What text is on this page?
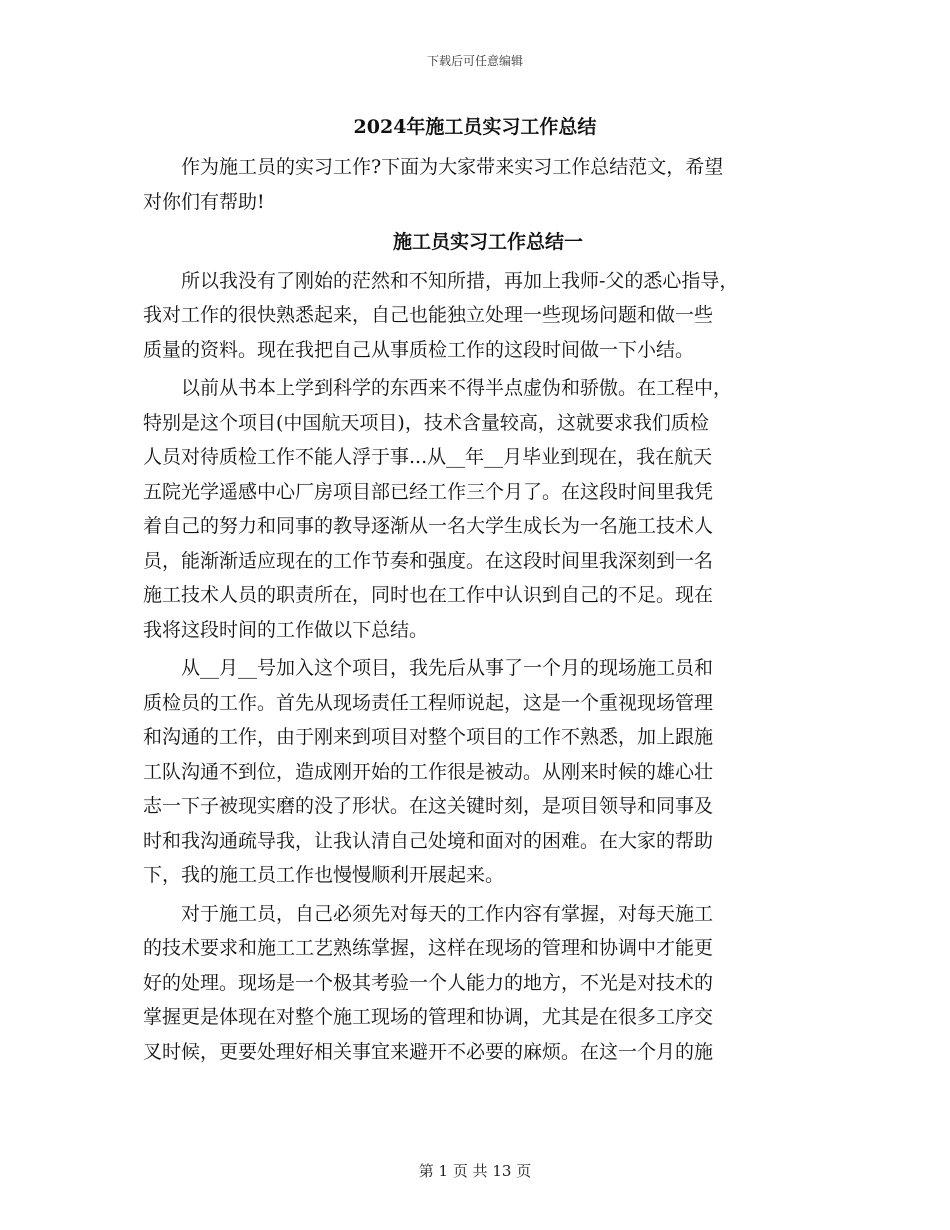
下载后可任意编辑
2024年施工员实习工作总结
作为施工员的实习工作?下面为大家带来实习工作总结范文，希望
对你们有帮助!
施工员实习工作总结一
所以我没有了刚始的茫然和不知所措，再加上我师-父的悉心指导，
我对工作的很快熟悉起来，自己也能独立处理一些现场问题和做一些
质量的资料。现在我把自己从事质检工作的这段时间做一下小结。
以前从书本上学到科学的东西来不得半点虚伪和骄傲。在工程中，
特别是这个项目(中国航天项目)，技术含量较高，这就要求我们质检
人员对待质检工作不能人浮于事...从__年__月毕业到现在，我在航天
五院光学遥感中心厂房项目部已经工作三个月了。在这段时间里我凭
着自己的努力和同事的教导逐渐从一名大学生成长为一名施工技术人
员，能渐渐适应现在的工作节奏和强度。在这段时间里我深刻到一名
施工技术人员的职责所在，同时也在工作中认识到自己的不足。现在
我将这段时间的工作做以下总结。
从__月__号加入这个项目，我先后从事了一个月的现场施工员和
质检员的工作。首先从现场责任工程师说起，这是一个重视现场管理
和沟通的工作，由于刚来到项目对整个项目的工作不熟悉，加上跟施
工队沟通不到位，造成刚开始的工作很是被动。从刚来时候的雄心壮
志一下子被现实磨的没了形状。在这关键时刻，是项目领导和同事及
时和我沟通疏导我，让我认清自己处境和面对的困难。在大家的帮助
下，我的施工员工作也慢慢顺利开展起来。
对于施工员，自己必须先对每天的工作内容有掌握，对每天施工
的技术要求和施工工艺熟练掌握，这样在现场的管理和协调中才能更
好的处理。现场是一个极其考验一个人能力的地方，不光是对技术的
掌握更是体现在对整个施工现场的管理和协调，尤其是在很多工序交
叉时候，更要处理好相关事宜来避开不必要的麻烦。在这一个月的施
第 1 页 共 13 页
